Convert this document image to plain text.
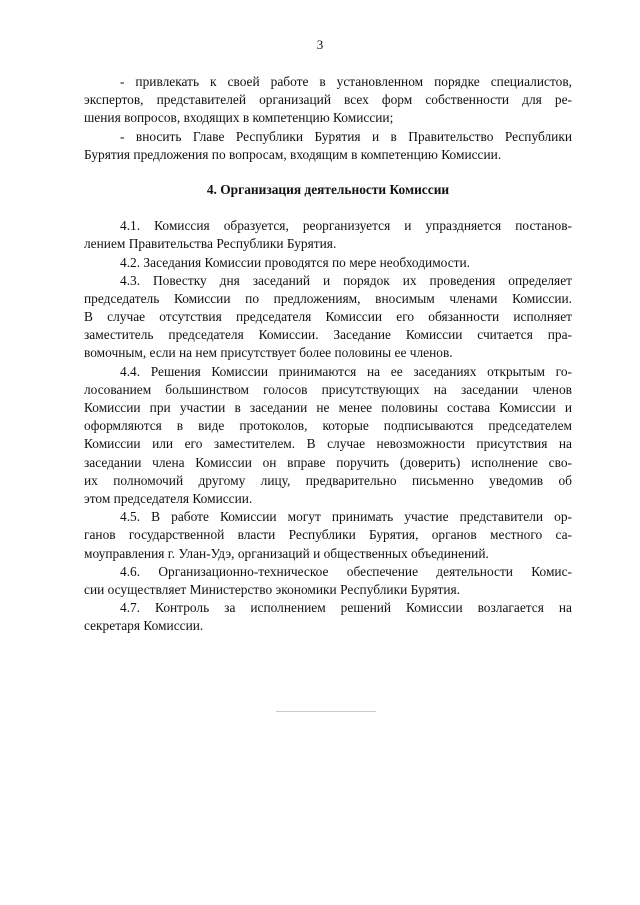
3
- привлекать к своей работе в установленном порядке специалистов,
экспертов, представителей организаций всех форм собственности для ре-
шения вопросов, входящих в компетенцию Комиссии;
- вносить Главе Республики Бурятия и в Правительство Республики
Бурятия предложения по вопросам, входящим в компетенцию Комиссии.
4. Организация деятельности Комиссии
4.1. Комиссия образуется, реорганизуется и упраздняется постанов-
лением Правительства Республики Бурятия.
4.2. Заседания Комиссии проводятся по мере необходимости.
4.3. Повестку дня заседаний и порядок их проведения определяет
председатель Комиссии по предложениям, вносимым членами Комиссии.
В случае отсутствия председателя Комиссии его обязанности исполняет
заместитель председателя Комиссии. Заседание Комиссии считается пра-
вомочным, если на нем присутствует более половины ее членов.
4.4. Решения Комиссии принимаются на ее заседаниях открытым го-
лосованием большинством голосов присутствующих на заседании членов
Комиссии при участии в заседании не менее половины состава Комиссии и
оформляются в виде протоколов, которые подписываются председателем
Комиссии или его заместителем. В случае невозможности присутствия на
заседании члена Комиссии он вправе поручить (доверить) исполнение сво-
их полномочий другому лицу, предварительно письменно уведомив об
этом председателя Комиссии.
4.5. В работе Комиссии могут принимать участие представители ор-
ганов государственной власти Республики Бурятия, органов местного са-
моуправления г. Улан-Удэ, организаций и общественных объединений.
4.6. Организационно-техническое обеспечение деятельности Комис-
сии осуществляет Министерство экономики Республики Бурятия.
4.7. Контроль за исполнением решений Комиссии возлагается на
секретаря Комиссии.
